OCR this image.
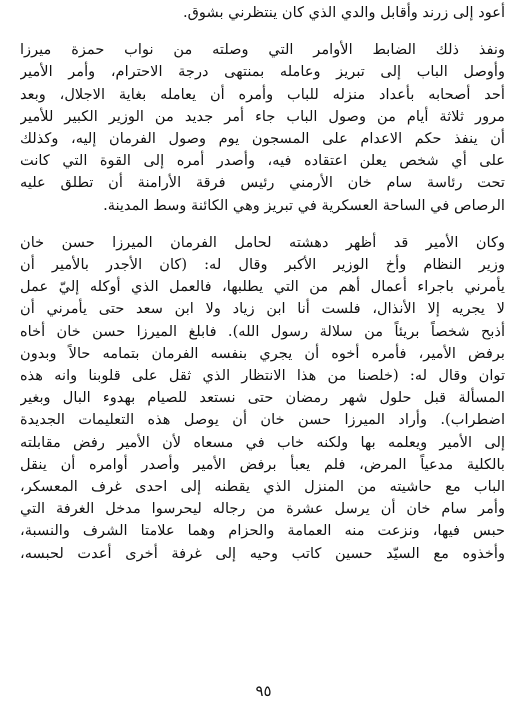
أعود إلى زرند وأقابل والدي الذي كان ينتظرني بشوق.
ونفذ ذلك الضابط الأوامر التي وصلته من نواب حمزة ميرزا
وأوصل الباب إلى تبريز وعامله بمنتهى درجة الاحترام، وأمر الأمير
أحد أصحابه بأعداد منزله للباب وأمره أن يعامله بغاية الاجلال، وبعد
مرور ثلاثة أيام من وصول الباب جاء أمر جديد من الوزير الكبير للأمير
أن ينفذ حكم الاعدام على المسجون يوم وصول الفرمان إليه، وكذلك
على أي شخص يعلن اعتقاده فيه، وأصدر أمره إلى القوة التي كانت
تحت رئاسة سام خان الأرمني رئيس فرقة الأرامنة أن تطلق عليه
الرصاص في الساحة العسكرية في تبريز وهي الكائنة وسط المدينة.
وكان الأمير قد أظهر دهشته لحامل الفرمان الميرزا حسن خان
وزير النظام وأخ الوزير الأكبر وقال له: (كان الأجدر بالأمير أن
يأمرني باجراء أعمال أهم من التي يطلبها، فالعمل الذي أوكله إليّ عمل
لا يجريه إلا الأنذال، فلست أنا ابن زياد ولا ابن سعد حتى يأمرني أن
أذبح شخصاً بريئاً من سلالة رسول الله). فابلغ الميرزا حسن خان أخاه
برفض الأمير، فأمره أخوه أن يجري بنفسه الفرمان بتمامه حالاً وبدون
توان وقال له: (خلصنا من هذا الانتظار الذي ثقل على قلوبنا وانه هذه
المسألة قبل حلول شهر رمضان حتى نستعد للصيام بهدوء البال وبغير
اضطراب). وأراد الميرزا حسن خان أن يوصل هذه التعليمات الجديدة
إلى الأمير ويعلمه بها ولكنه خاب في مسعاه لأن الأمير رفض مقابلته
بالكلية مدعياً المرض، فلم يعبأ برفض الأمير وأصدر أوامره أن ينقل
الباب مع حاشيته من المنزل الذي يقطنه إلى احدى غرف المعسكر،
وأمر سام خان أن يرسل عشرة من رجاله ليحرسوا مدخل الغرفة التي
حبس فيها، ونزعت منه العمامة والحزام وهما علامتا الشرف والنسبة،
وأخذوه مع السيّد حسين كاتب وحيه إلى غرفة أخرى أعدت لحبسه،
٩٥
